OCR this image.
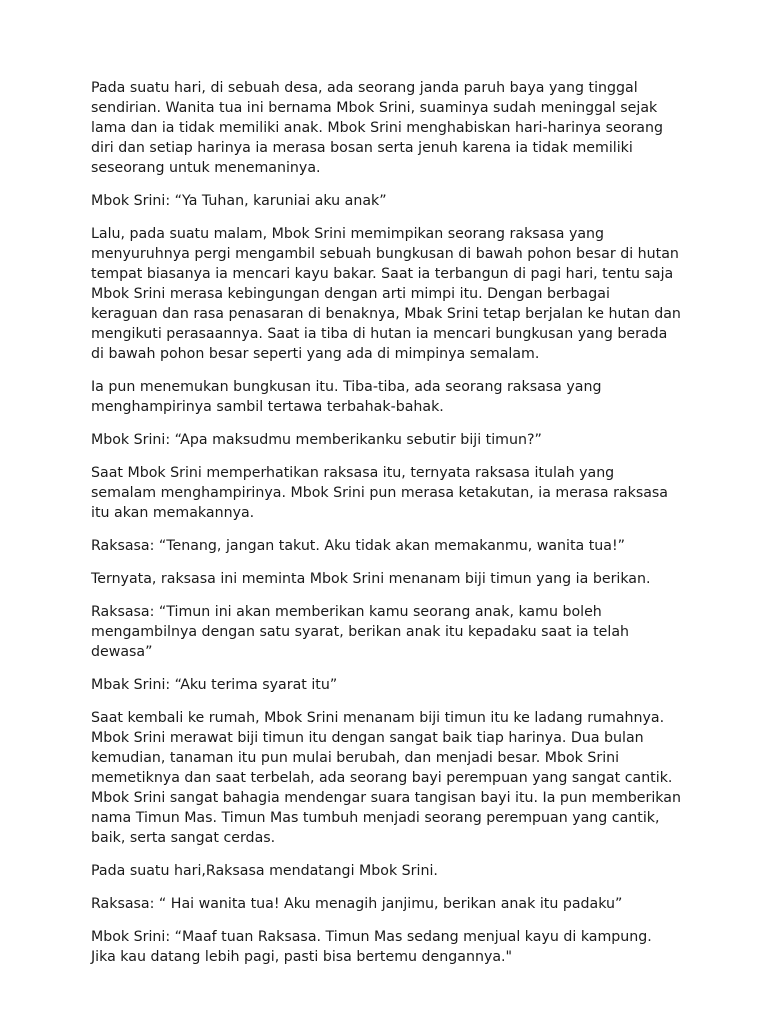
Pada suatu hari, di sebuah desa, ada seorang janda paruh baya yang tinggal sendirian. Wanita tua ini bernama Mbok Srini, suaminya sudah meninggal sejak lama dan ia tidak memiliki anak. Mbok Srini menghabiskan hari-harinya seorang diri dan setiap harinya ia merasa bosan serta jenuh karena ia tidak memiliki seseorang untuk menemaninya.

Mbok Srini: “Ya Tuhan, karuniai aku anak”

Lalu, pada suatu malam, Mbok Srini memimpikan seorang raksasa yang menyuruhnya pergi mengambil sebuah bungkusan di bawah pohon besar di hutan tempat biasanya ia mencari kayu bakar. Saat ia terbangun di pagi hari, tentu saja Mbok Srini merasa kebingungan dengan arti mimpi itu. Dengan berbagai keraguan dan rasa penasaran di benaknya, Mbak Srini tetap berjalan ke hutan dan mengikuti perasaannya. Saat ia tiba di hutan ia mencari bungkusan yang berada di bawah pohon besar seperti yang ada di mimpinya semalam.

Ia pun menemukan bungkusan itu. Tiba-tiba, ada seorang raksasa yang menghampirinya sambil tertawa terbahak-bahak.

Mbok Srini: “Apa maksudmu memberikanku sebutir biji timun?”

Saat Mbok Srini memperhatikan raksasa itu, ternyata raksasa itulah yang semalam menghampirinya. Mbok Srini pun merasa ketakutan, ia merasa raksasa itu akan memakannya.

Raksasa: “Tenang, jangan takut. Aku tidak akan memakanmu, wanita tua!”

Ternyata, raksasa ini meminta Mbok Srini menanam biji timun yang ia berikan.

Raksasa: “Timun ini akan memberikan kamu seorang anak, kamu boleh mengambilnya dengan satu syarat, berikan anak itu kepadaku saat ia telah dewasa”

Mbak Srini: “Aku terima syarat itu”

Saat kembali ke rumah, Mbok Srini menanam biji timun itu ke ladang rumahnya. Mbok Srini merawat biji timun itu dengan sangat baik tiap harinya. Dua bulan kemudian, tanaman itu pun mulai berubah, dan menjadi besar. Mbok Srini memetiknya dan saat terbelah, ada seorang bayi perempuan yang sangat cantik. Mbok Srini sangat bahagia mendengar suara tangisan bayi itu. Ia pun memberikan nama Timun Mas. Timun Mas tumbuh menjadi seorang perempuan yang cantik, baik, serta sangat cerdas.

Pada suatu hari,Raksasa mendatangi Mbok Srini.

Raksasa: “ Hai wanita tua! Aku menagih janjimu, berikan anak itu padaku”

Mbok Srini: “Maaf tuan Raksasa. Timun Mas sedang menjual kayu di kampung. Jika kau datang lebih pagi, pasti bisa bertemu dengannya."
